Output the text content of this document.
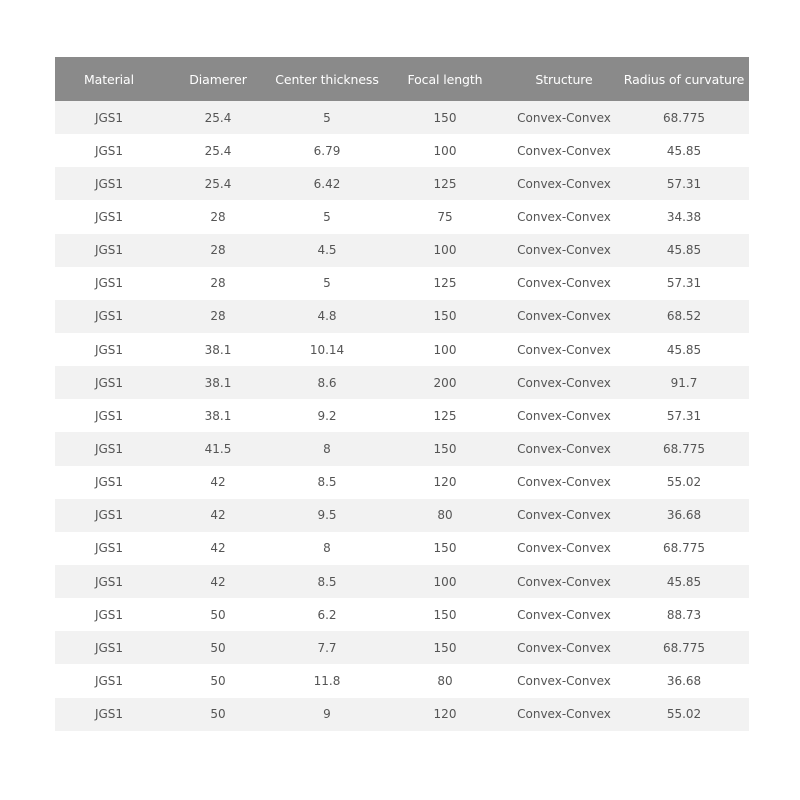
Material	Diamerer	Center thickness	Focal length	Structure	Radius of curvature
JGS1	25.4	5	150	Convex-Convex	68.775
JGS1	25.4	6.79	100	Convex-Convex	45.85
JGS1	25.4	6.42	125	Convex-Convex	57.31
JGS1	28	5	75	Convex-Convex	34.38
JGS1	28	4.5	100	Convex-Convex	45.85
JGS1	28	5	125	Convex-Convex	57.31
JGS1	28	4.8	150	Convex-Convex	68.52
JGS1	38.1	10.14	100	Convex-Convex	45.85
JGS1	38.1	8.6	200	Convex-Convex	91.7
JGS1	38.1	9.2	125	Convex-Convex	57.31
JGS1	41.5	8	150	Convex-Convex	68.775
JGS1	42	8.5	120	Convex-Convex	55.02
JGS1	42	9.5	80	Convex-Convex	36.68
JGS1	42	8	150	Convex-Convex	68.775
JGS1	42	8.5	100	Convex-Convex	45.85
JGS1	50	6.2	150	Convex-Convex	88.73
JGS1	50	7.7	150	Convex-Convex	68.775
JGS1	50	11.8	80	Convex-Convex	36.68
JGS1	50	9	120	Convex-Convex	55.02
